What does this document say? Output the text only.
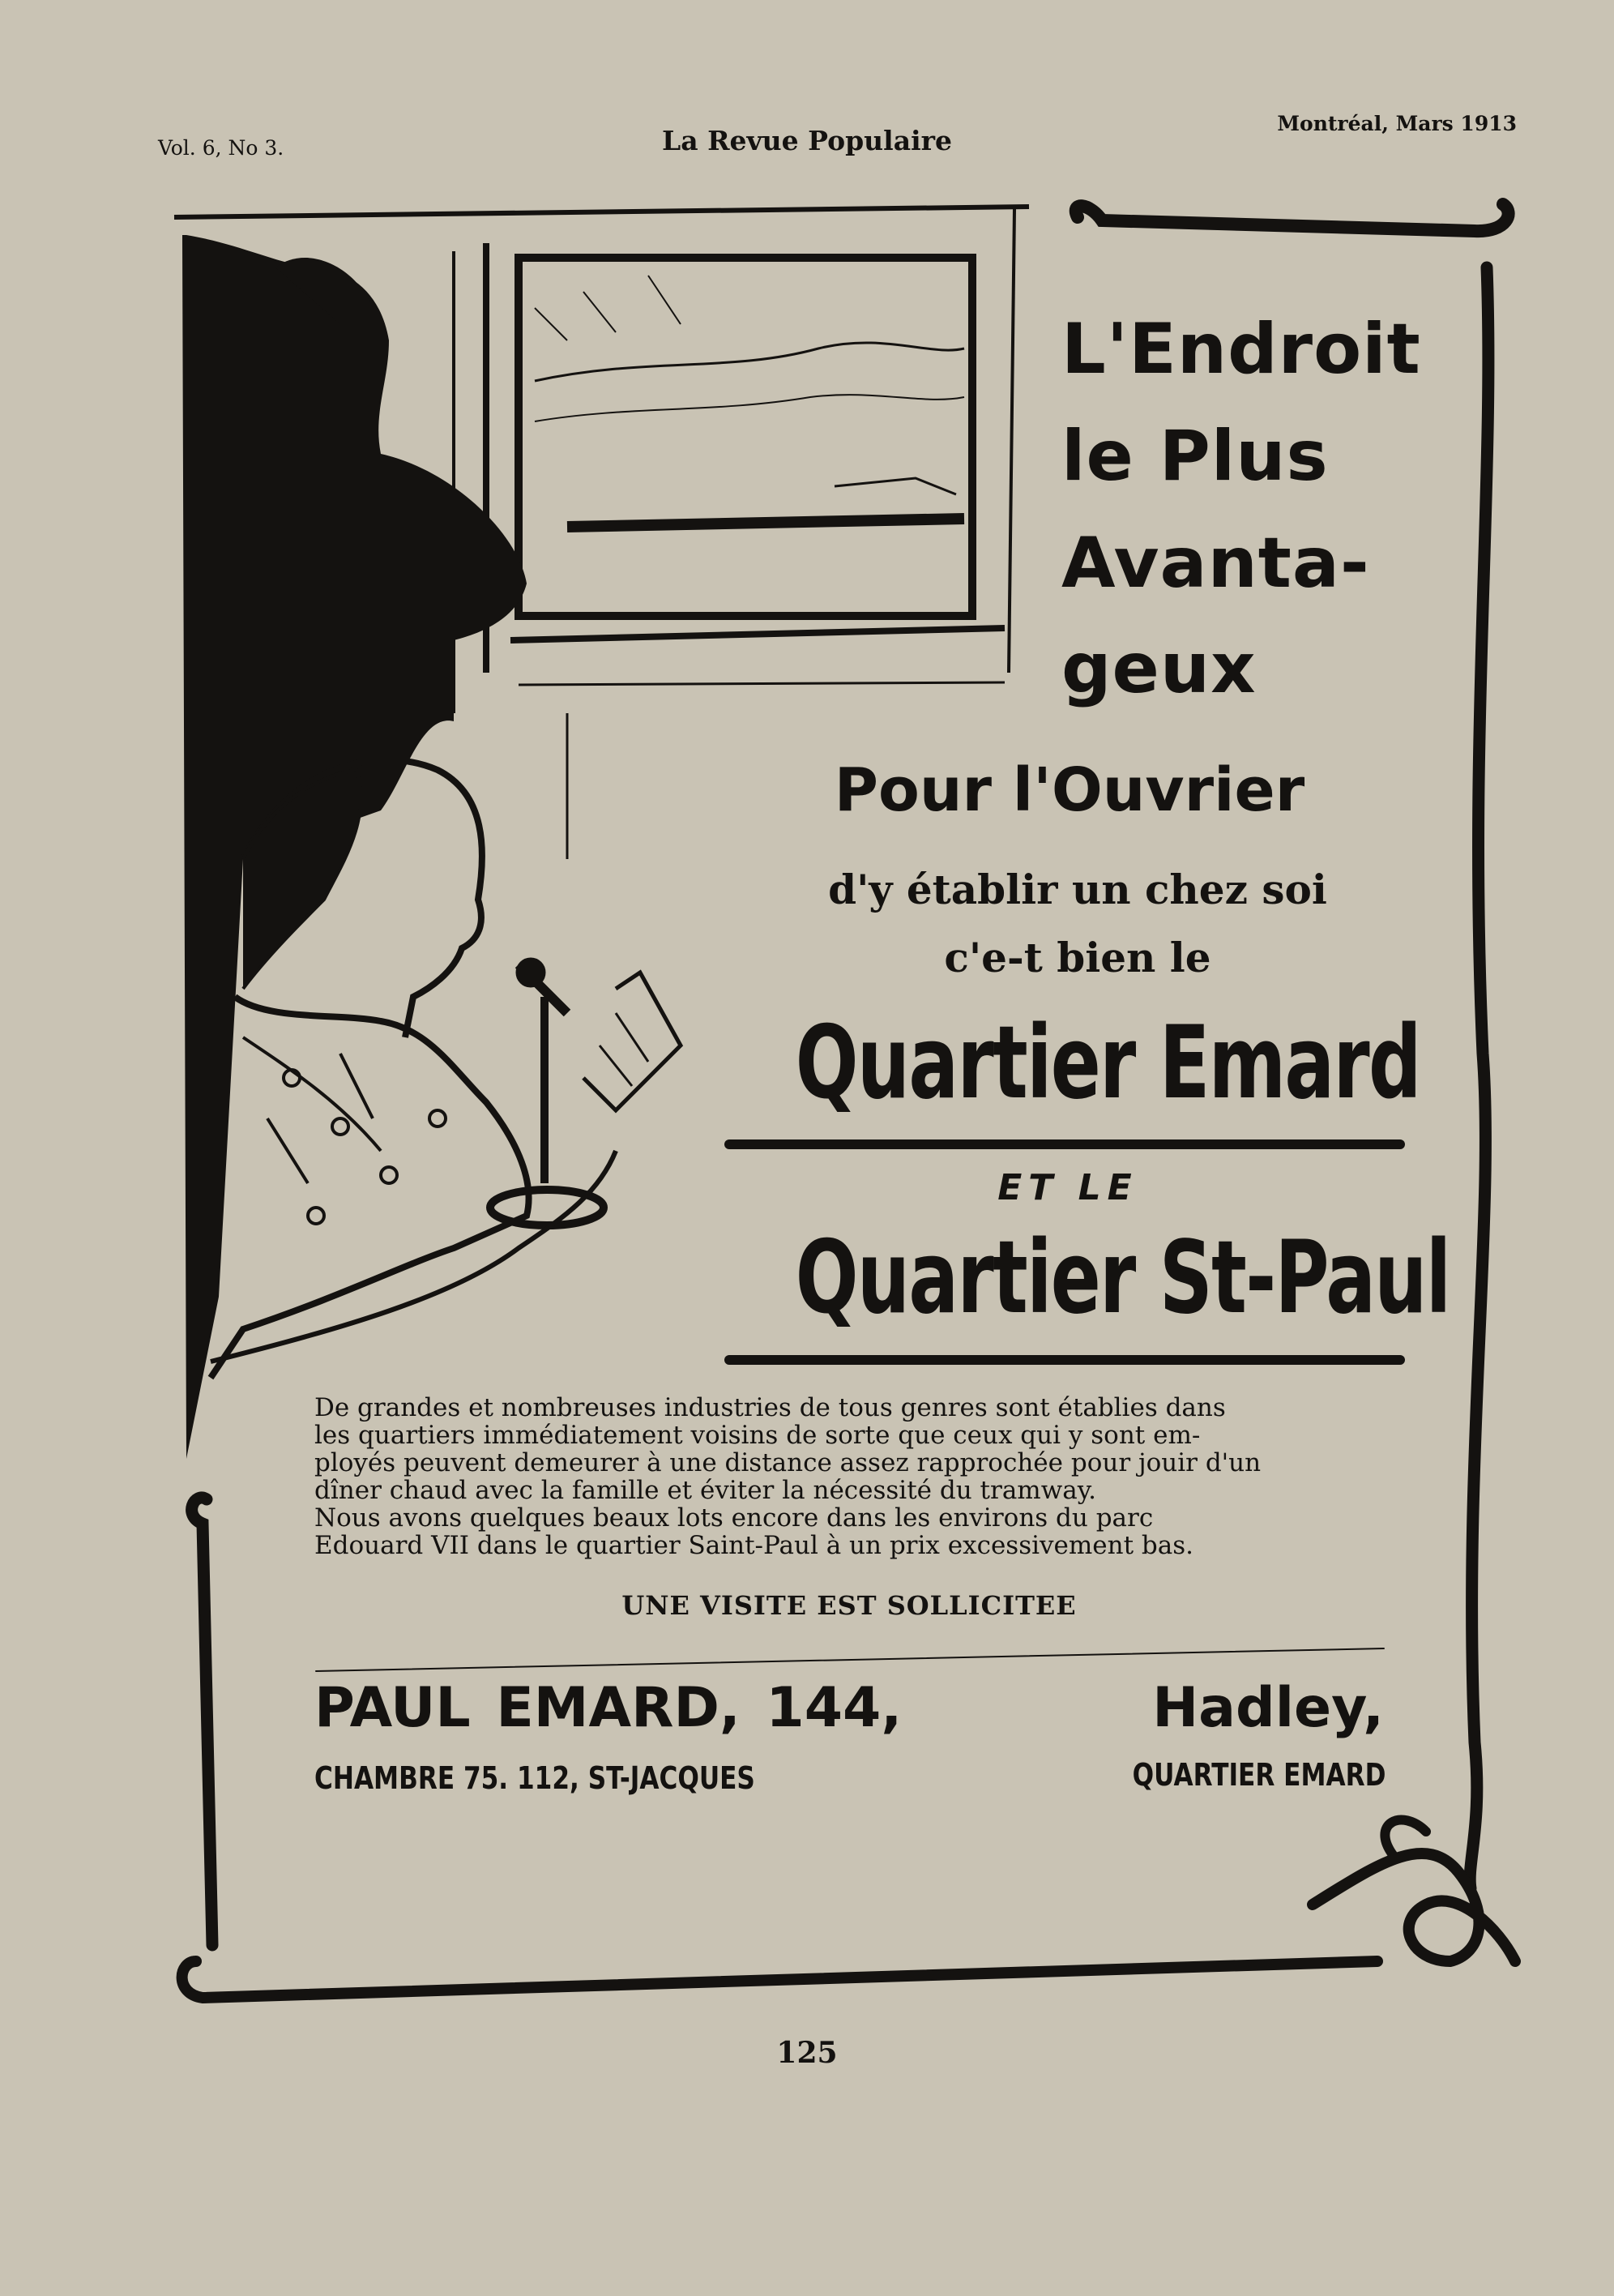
Vol. 6, No 3.	La Revue Populaire
Montréal, Mars 1913
L'Endroit
le Plus
Avanta-
geux
Pour l'Ouvrier

d'y établir un chez soi

c'e-t bien le

Quartier Emard

ET LE

Quartier St-Paul

De grandes et nombreuses industries de tous genres sont établies dans

les quartiers immédiatement voisins de sorte que ceux qui y sont em-

ployés peuvent demeurer à une distance assez rapprochée pour jouir d'un

dîner chaud avec la famille et éviter la nécessité du tramway.

Nous avons quelques beaux lots encore dans les environs du parc

Edouard VII dans le quartier Saint-Paul à un prix excessivement bas.

UNE VISITE EST SOLLICITEE

PAUL EMARD, 144,	Hadley,
CHAMBRE 75. 112, ST-JACQUES	QUARTIER EMARD
125
